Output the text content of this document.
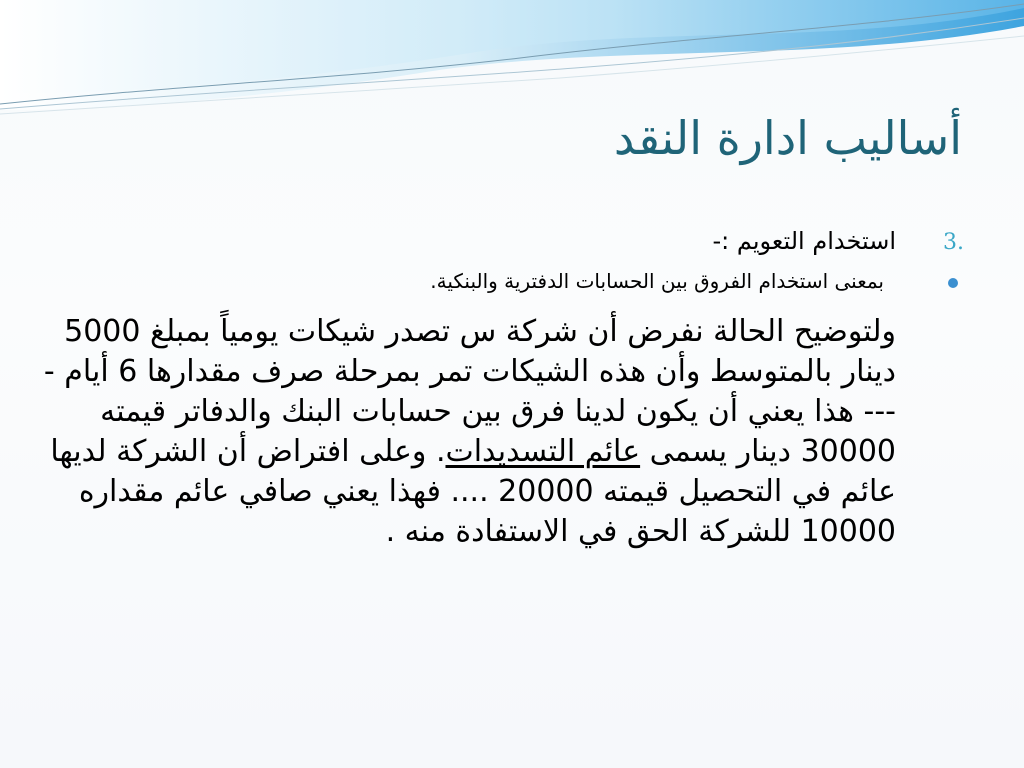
أساليب ادارة النقد
.3
استخدام التعويم :-
بمعنى استخدام الفروق بين الحسابات الدفترية والبنكية.
ولتوضيح الحالة نفرض أن شركة س تصدر شيكات يومياً بمبلغ 5000
دينار بالمتوسط وأن هذه الشيكات تمر بمرحلة صرف مقدارها 6 أيام -
--- هذا يعني أن يكون لدينا فرق بين حسابات البنك والدفاتر قيمته
30000 دينار يسمى عائم التسديدات. وعلى افتراض أن الشركة لديها
عائم في التحصيل قيمته 20000 .... فهذا يعني صافي عائم مقداره
10000 للشركة الحق في الاستفادة منه .
